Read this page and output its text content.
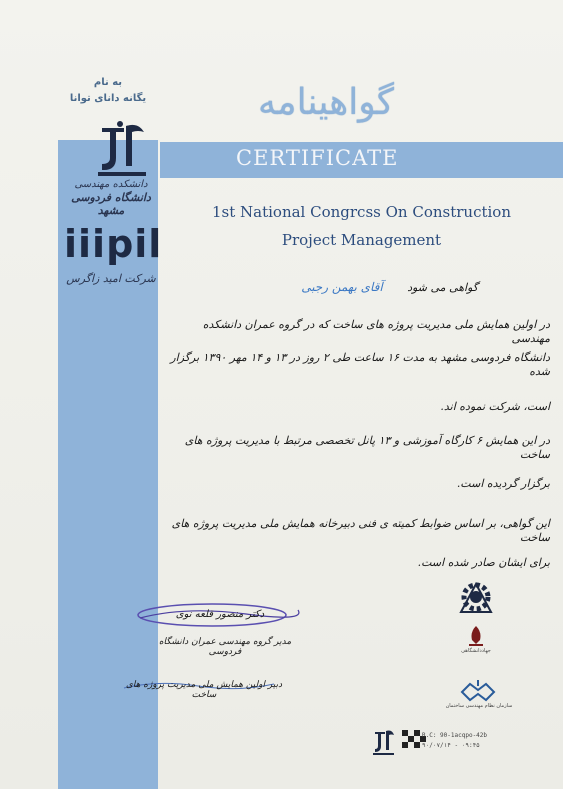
به نام
یگانه دانای توانا
دانشکده مهندسی
دانشگاه فردوسی مشهد
iiipil
شرکت امید زاگرس
گواهینامه
CERTIFICATE
1st National Congrcss On Construction
Project Management
گواهی می شود       آقای بهمن رجبی
در اولین همایش ملی مدیریت پروژه های ساخت که در گروه عمران دانشکده مهندسی
دانشگاه فردوسی مشهد به مدت ۱۶ ساعت طی ۲ روز در ۱۳ و ۱۴ مهر ۱۳۹۰ برگزار شده
است، شرکت نموده اند.
در این همایش ۶ کارگاه آموزشی و ۱۳ پانل تخصصی مرتبط با مدیریت پروژه های ساخت
برگزار گردیده است.
این گواهی، بر اساس ضوابط کمیته ی فنی دبیرخانه همایش ملی مدیریت پروژه های ساخت
برای ایشان صادر شده است.
دکتر منصور قلعه نوی
مدیر گروه مهندسی عمران دانشگاه فردوسی
دبیر اولین همایش ملی مدیریت پروژه های ساخت
جهاددانشگاهی
سازمان نظام مهندسی ساختمان
R.C: 90-1acqpo-42b
۹۰/۰۷/۱۴ - ۰۹:۴۵
